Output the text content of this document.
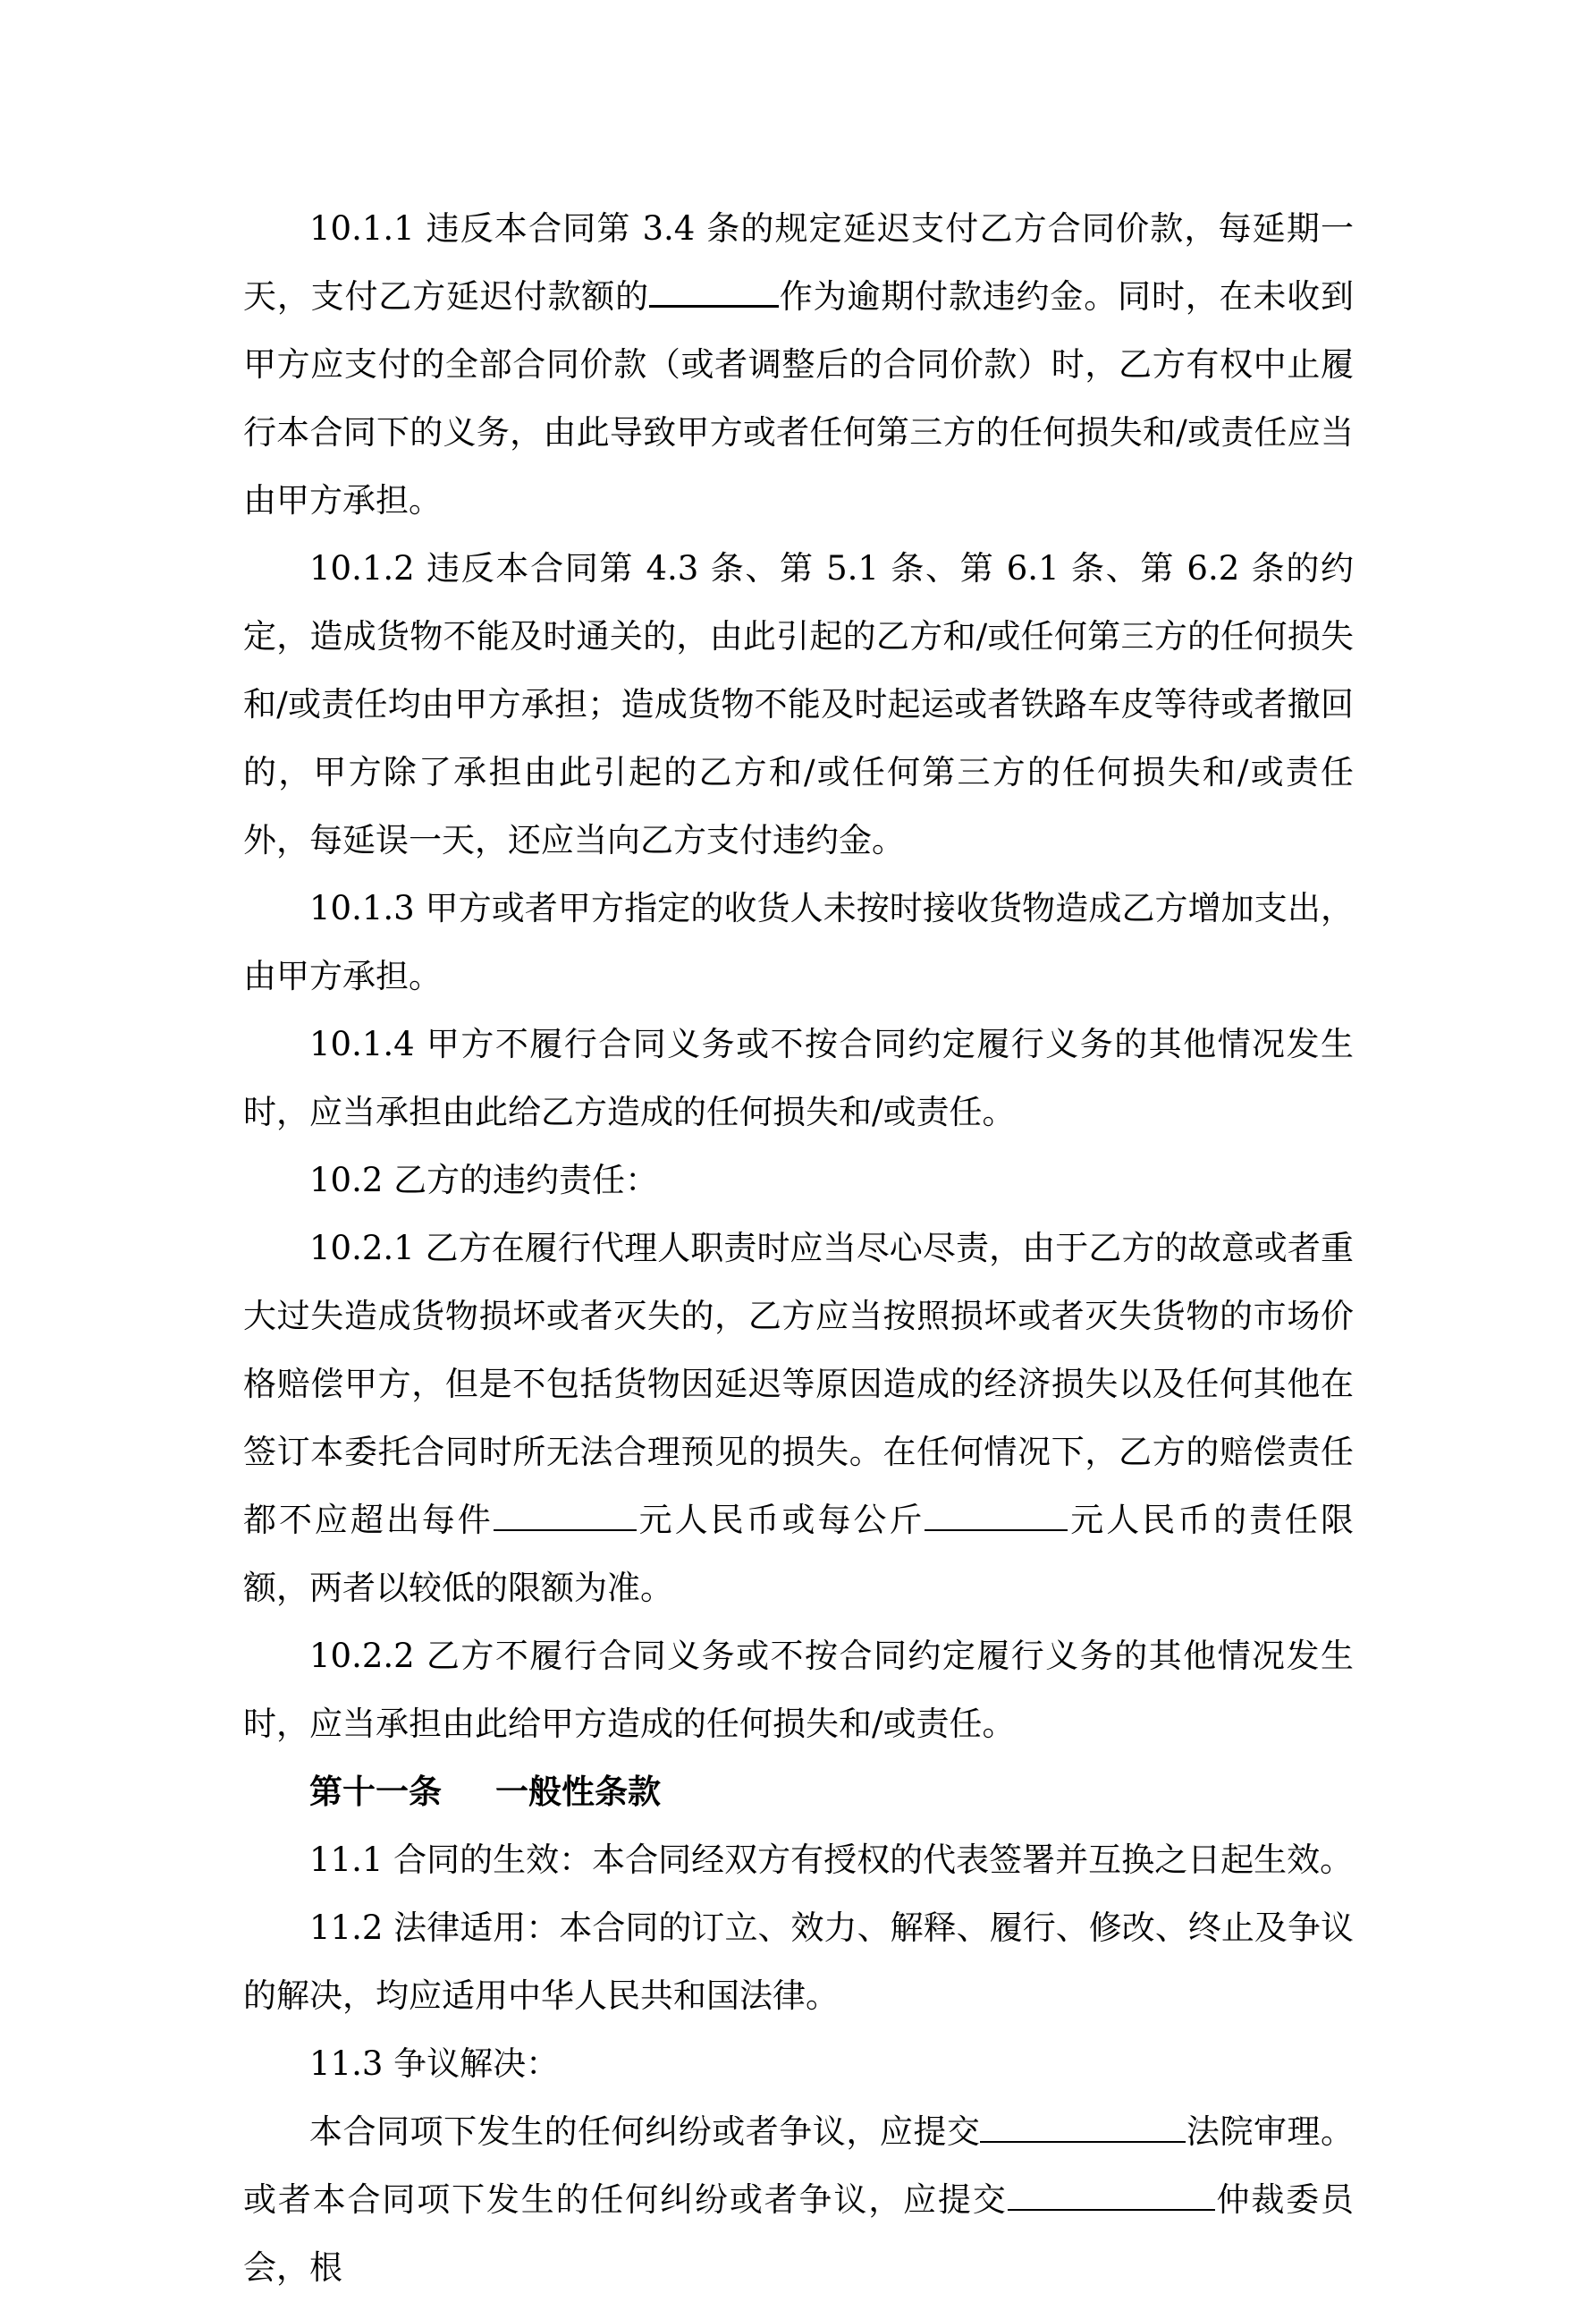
10.1.1 违反本合同第 3.4 条的规定延迟支付乙方合同价款，每延期一天，支付乙方延迟付款额的	作为逾期付款违约金。同时，在未收到甲方应支付的全部合同价款（或者调整后的合同价款）时，乙方有权中止履行本合同下的义务，由此导致甲方或者任何第三方的任何损失和/或责任应当由甲方承担。

10.1.2 违反本合同第 4.3 条、第 5.1 条、第 6.1 条、第 6.2 条的约定，造成货物不能及时通关的，由此引起的乙方和/或任何第三方的任何损失和/或责任均由甲方承担；造成货物不能及时起运或者铁路车皮等待或者撤回的，甲方除了承担由此引起的乙方和/或任何第三方的任何损失和/或责任外，每延误一天，还应当向乙方支付违约金。

10.1.3 甲方或者甲方指定的收货人未按时接收货物造成乙方增加支出，由甲方承担。

10.1.4 甲方不履行合同义务或不按合同约定履行义务的其他情况发生时，应当承担由此给乙方造成的任何损失和/或责任。

10.2 乙方的违约责任：

10.2.1 乙方在履行代理人职责时应当尽心尽责，由于乙方的故意或者重大过失造成货物损坏或者灭失的，乙方应当按照损坏或者灭失货物的市场价格赔偿甲方，但是不包括货物因延迟等原因造成的经济损失以及任何其他在签订本委托合同时所无法合理预见的损失。在任何情况下，乙方的赔偿责任都不应超出每件	元人民币或每公斤	元人民币的责任限额，两者以较低的限额为准。

10.2.2 乙方不履行合同义务或不按合同约定履行义务的其他情况发生时，应当承担由此给甲方造成的任何损失和/或责任。

第十一条 一般性条款

11.1 合同的生效：本合同经双方有授权的代表签署并互换之日起生效。

11.2 法律适用：本合同的订立、效力、解释、履行、修改、终止及争议的解决，均应适用中华人民共和国法律。

11.3 争议解决：

本合同项下发生的任何纠纷或者争议，应提交	法院审理。或者本合同项下发生的任何纠纷或者争议，应提交	仲裁委员会，根
